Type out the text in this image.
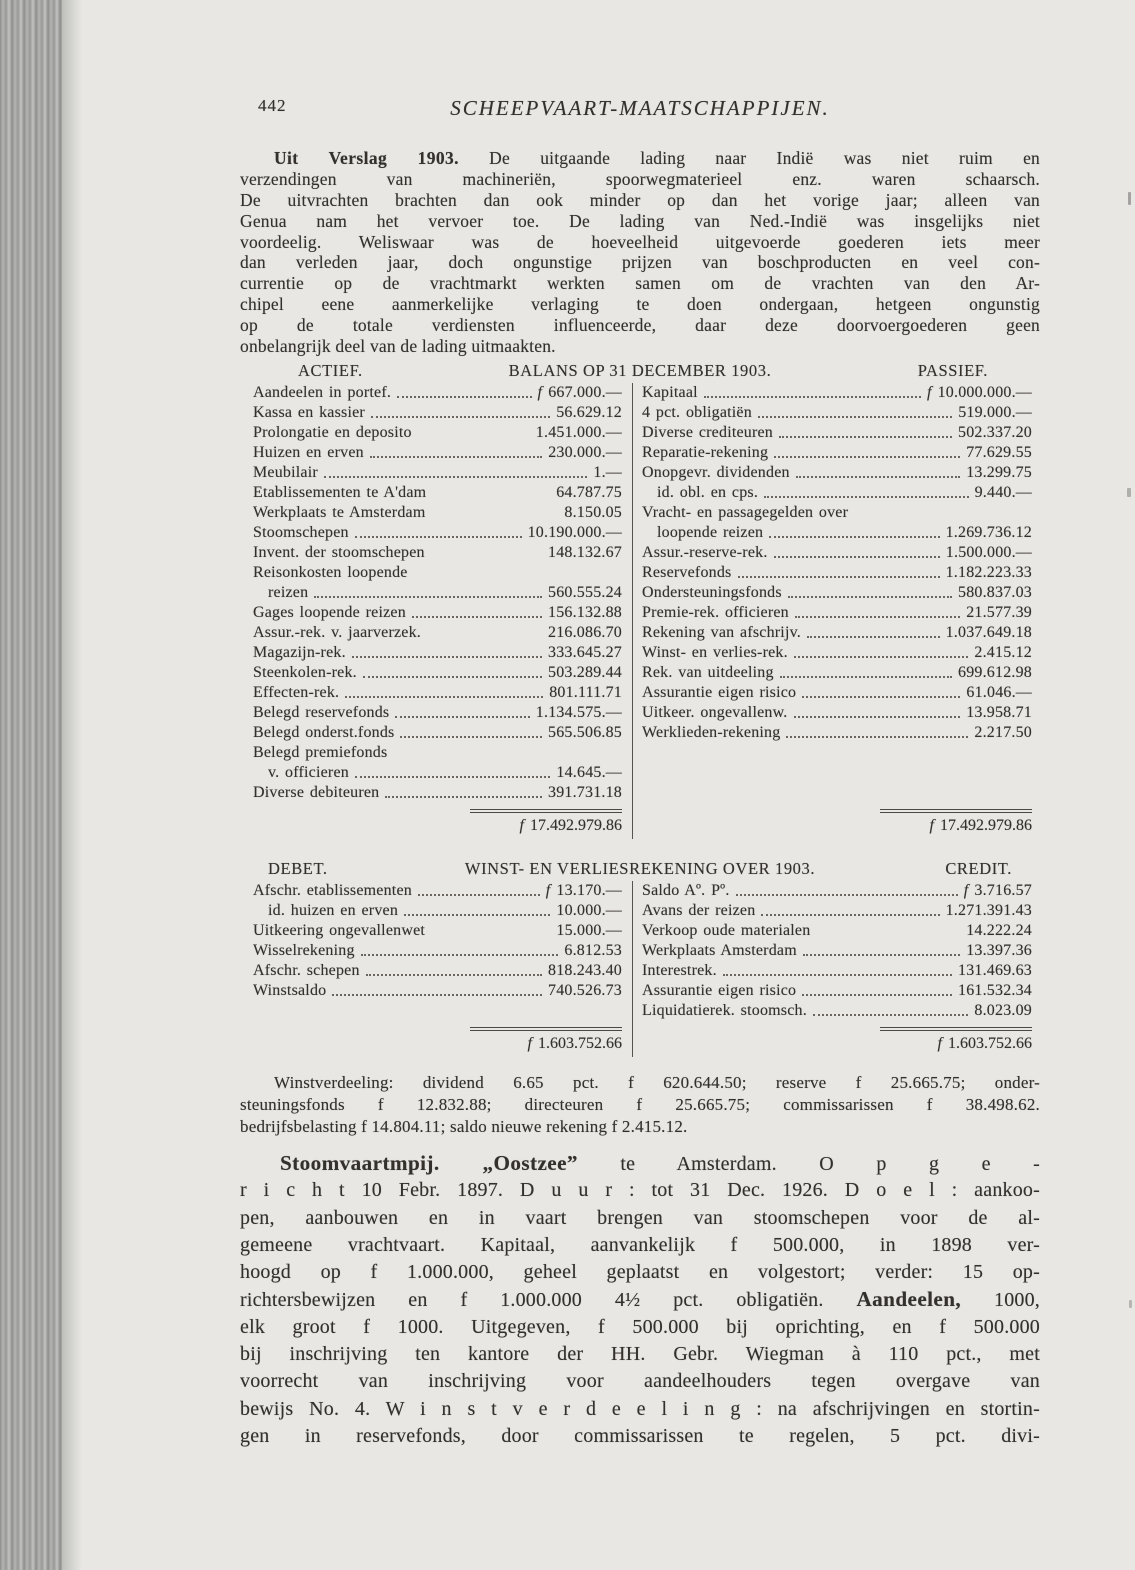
442	SCHEEPVAART-MAATSCHAPPIJEN.
Uit Verslag 1903. De uitgaande lading naar Indië was niet ruim en
verzendingen van machineriën, spoorwegmaterieel enz. waren schaarsch.
De uitvrachten brachten dan ook minder op dan het vorige jaar; alleen van
Genua nam het vervoer toe. De lading van Ned.-Indië was insgelijks niet
voordeelig. Weliswaar was de hoeveelheid uitgevoerde goederen iets meer
dan verleden jaar, doch ongunstige prijzen van boschproducten en veel con-
currentie op de vrachtmarkt werkten samen om de vrachten van den Ar-
chipel eene aanmerkelijke verlaging te doen ondergaan, hetgeen ongunstig
op de totale verdiensten influenceerde, daar deze doorvoergoederen geen
onbelangrijk deel van de lading uitmaakten.
ACTIEF.	BALANS OP 31 DECEMBER 1903.	PASSIEF.
Aandeelen in portef.	f 667.000.—
Kassa en kassier	56.629.12
Prolongatie en deposito	1.451.000.—
Huizen en erven	230.000.—
Meubilair	1.—
Etablissementen te A'dam	64.787.75
Werkplaats te Amsterdam	8.150.05
Stoomschepen	10.190.000.—
Invent. der stoomschepen	148.132.67
Reisonkosten loopende
reizen	560.555.24
Gages loopende reizen	156.132.88
Assur.-rek. v. jaarverzek.	216.086.70
Magazijn-rek.	333.645.27
Steenkolen-rek.	503.289.44
Effecten-rek.	801.111.71
Belegd reservefonds	1.134.575.—
Belegd onderst.fonds	565.506.85
Belegd premiefonds
v. officieren	14.645.—
Diverse debiteuren	391.731.18
f 17.492.979.86
Kapitaal	f 10.000.000.—
4 pct. obligatiën	519.000.—
Diverse crediteuren	502.337.20
Reparatie-rekening	77.629.55
Onopgevr. dividenden	13.299.75
id. obl. en cps.	9.440.—
Vracht- en passagegelden over
loopende reizen	1.269.736.12
Assur.-reserve-rek.	1.500.000.—
Reservefonds	1.182.223.33
Ondersteuningsfonds	580.837.03
Premie-rek. officieren	21.577.39
Rekening van afschrijv.	1.037.649.18
Winst- en verlies-rek.	2.415.12
Rek. van uitdeeling	699.612.98
Assurantie eigen risico	61.046.—
Uitkeer. ongevallenw.	13.958.71
Werklieden-rekening	2.217.50
f 17.492.979.86
DEBET.	WINST- EN VERLIESREKENING OVER 1903.	CREDIT.
Afschr. etablissementen	f 13.170.—
id. huizen en erven	10.000.—
Uitkeering ongevallenwet	15.000.—
Wisselrekening	6.812.53
Afschr. schepen	818.243.40
Winstsaldo	740.526.73
f 1.603.752.66
Saldo Aº. Pº.	f 3.716.57
Avans der reizen	1.271.391.43
Verkoop oude materialen	14.222.24
Werkplaats Amsterdam	13.397.36
Interestrek.	131.469.63
Assurantie eigen risico	161.532.34
Liquidatierek. stoomsch.	8.023.09
f 1.603.752.66
Winstverdeeling: dividend 6.65 pct. f 620.644.50; reserve f 25.665.75; onder-
steuningsfonds f 12.832.88; directeuren f 25.665.75; commissarissen f 38.498.62.
bedrijfsbelasting f 14.804.11; saldo nieuwe rekening f 2.415.12.
Stoomvaartmpij. „Oostzee” te Amsterdam. O p g e -
r i c h t 10 Febr. 1897. D u u r : tot 31 Dec. 1926. D o e l : aankoo-
pen, aanbouwen en in vaart brengen van stoomschepen voor de al-
gemeene vrachtvaart. Kapitaal, aanvankelijk f 500.000, in 1898 ver-
hoogd op f 1.000.000, geheel geplaatst en volgestort; verder: 15 op-
richtersbewijzen en f 1.000.000 4½ pct. obligatiën. Aandeelen, 1000,
elk groot f 1000. Uitgegeven, f 500.000 bij oprichting, en f 500.000
bij inschrijving ten kantore der HH. Gebr. Wiegman à 110 pct., met
voorrecht van inschrijving voor aandeelhouders tegen overgave van
bewijs No. 4. W i n s t v e r d e e l i n g : na afschrijvingen en stortin-
gen in reservefonds, door commissarissen te regelen, 5 pct. divi-
